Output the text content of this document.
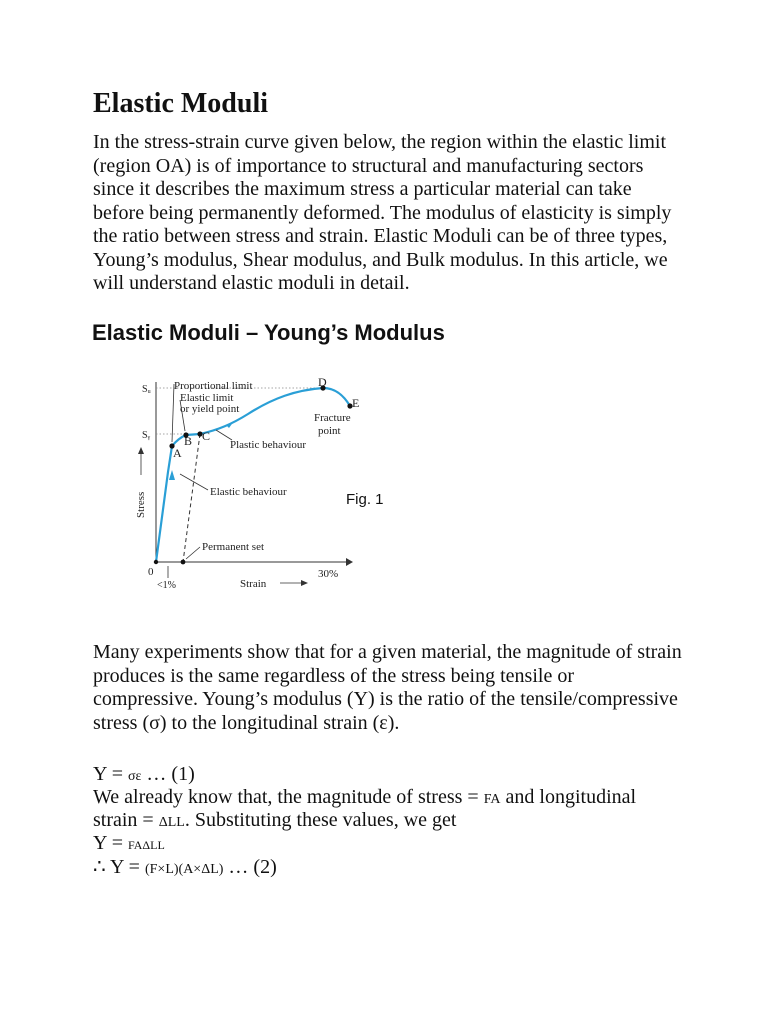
Elastic Moduli

In the stress-strain curve given below, the region within the elastic limit (region OA) is of importance to structural and manufacturing sectors since it describes the maximum stress a particular material can take before being permanently deformed. The modulus of elasticity is simply the ratio between stress and strain. Elastic Moduli can be of three types, Young’s modulus, Shear modulus, and Bulk modulus. In this article, we will understand elastic moduli in detail.

Elastic Moduli – Young’s Modulus
Sᵤ
Sᵧ
Proportional limit
Elastic limit
or yield point
A
B C
D
E
Fracture
point
Plastic behaviour
Elastic behaviour
Permanent set
0
<1%
30%
Strain
Stress	Fig. 1

Many experiments show that for a given material, the magnitude of strain produces is the same regardless of the stress being tensile or compressive. Young’s modulus (Y) is the ratio of the tensile/compressive stress (σ) to the longitudinal strain (ε).

Y = σε … (1)

We already know that, the magnitude of stress = FA and longitudinal

strain = ΔLL. Substituting these values, we get

Y = FAΔLL

∴ Y = (F×L)(A×ΔL) … (2)
